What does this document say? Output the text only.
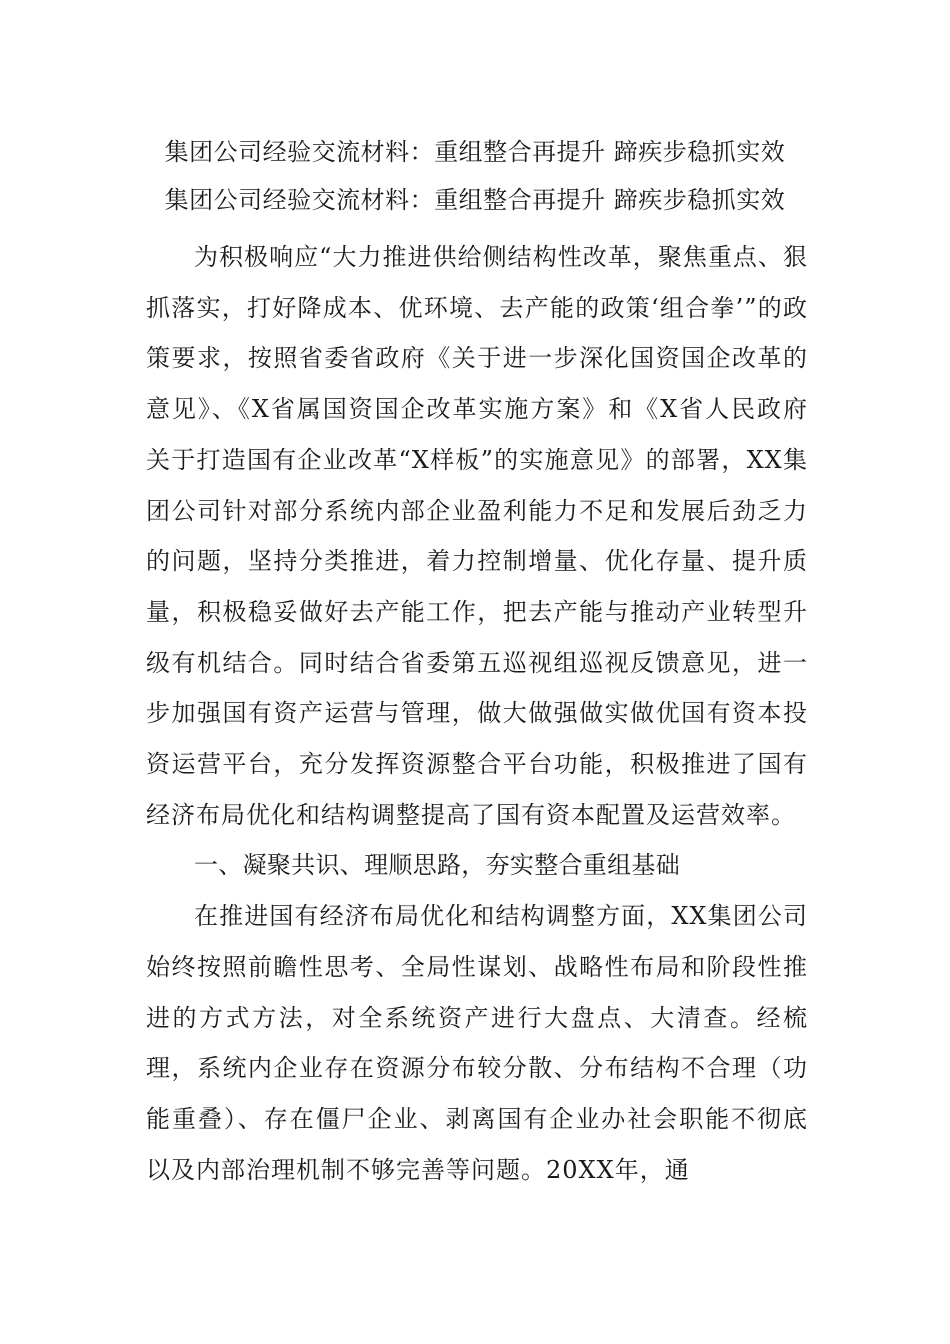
集团公司经验交流材料：重组整合再提升 蹄疾步稳抓实效
集团公司经验交流材料：重组整合再提升 蹄疾步稳抓实效

为积极响应“大力推进供给侧结构性改革，聚焦重点、狠抓落实，打好降成本、优环境、去产能的政策‘组合拳’”的政策要求，按照省委省政府《关于进一步深化国资国企改革的意见》、《X省属国资国企改革实施方案》和《X省人民政府关于打造国有企业改革“X样板”的实施意见》的部署，XX集团公司针对部分系统内部企业盈利能力不足和发展后劲乏力的问题，坚持分类推进，着力控制增量、优化存量、提升质量，积极稳妥做好去产能工作，把去产能与推动产业转型升级有机结合。同时结合省委第五巡视组巡视反馈意见，进一步加强国有资产运营与管理，做大做强做实做优国有资本投资运营平台，充分发挥资源整合平台功能，积极推进了国有经济布局优化和结构调整提高了国有资本配置及运营效率。

一、凝聚共识、理顺思路，夯实整合重组基础

在推进国有经济布局优化和结构调整方面，XX集团公司始终按照前瞻性思考、全局性谋划、战略性布局和阶段性推进的方式方法，对全系统资产进行大盘点、大清查。经梳理，系统内企业存在资源分布较分散、分布结构不合理（功能重叠）、存在僵尸企业、剥离国有企业办社会职能不彻底以及内部治理机制不够完善等问题。20XX年，通
